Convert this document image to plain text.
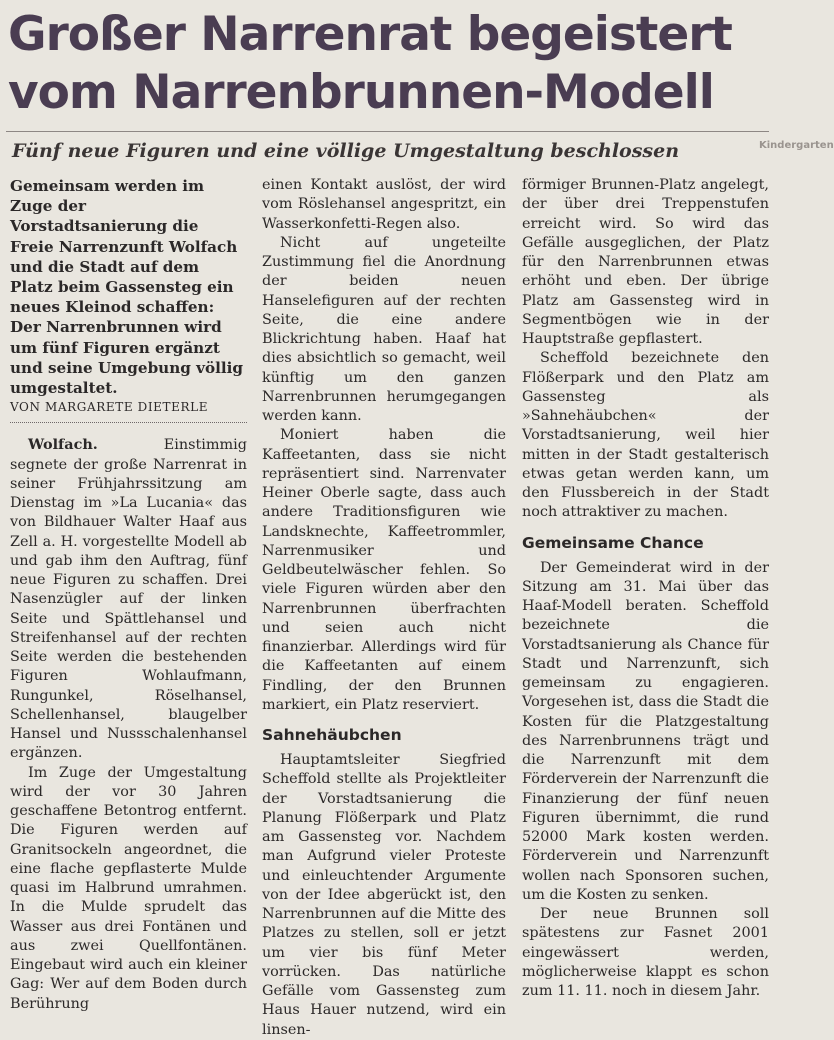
Großer Narrenrat begeistert
vom Narrenbrunnen-Modell
Fünf neue Figuren und eine völlige Umgestaltung beschlossen	Kindergarten

Gemeinsam werden im Zuge der Vorstadtsanierung die Freie Narrenzunft Wolfach und die Stadt auf dem Platz beim Gassensteg ein neues Kleinod schaffen: Der Narrenbrunnen wird um fünf Figuren ergänzt und seine Umgebung völlig umgestaltet.

VON MARGARETE DIETERLE

Wolfach.	Einstimmig segnete der große Narrenrat in seiner Frühjahrssitzung am Dienstag im »La Lucania« das von Bildhauer Walter Haaf aus Zell a. H. vorgestellte Modell ab und gab ihm den Auftrag, fünf neue Figuren zu schaffen. Drei Nasenzügler auf der linken Seite und Spättlehansel und Streifenhansel auf der rechten Seite werden die bestehenden Figuren Wohlaufmann, Rungunkel, Röselhansel, Schellenhansel, blaugelber Hansel und Nussschalenhansel ergänzen.

Im Zuge der Umgestaltung wird der vor 30 Jahren geschaffene Betontrog entfernt. Die Figuren werden auf Granitsockeln angeordnet, die eine flache gepflasterte Mulde quasi im Halbrund umrahmen. In die Mulde sprudelt das Wasser aus drei Fontänen und aus zwei Quellfontänen. Eingebaut wird auch ein kleiner Gag: Wer auf dem Boden durch Berührung

einen Kontakt auslöst, der wird vom Röslehansel angespritzt, ein Wasserkonfetti-Regen also.

Nicht auf ungeteilte Zustimmung fiel die Anordnung der beiden neuen Hanselefiguren auf der rechten Seite, die eine andere Blickrichtung haben. Haaf hat dies absichtlich so gemacht, weil künftig um den ganzen Narrenbrunnen herumgegangen werden kann.

Moniert haben die Kaffeetanten, dass sie nicht repräsentiert sind. Narrenvater Heiner Oberle sagte, dass auch andere Traditionsfiguren wie Landsknechte, Kaffeetrommler, Narrenmusiker und Geldbeutelwäscher fehlen. So viele Figuren würden aber den Narrenbrunnen überfrachten und seien auch nicht finanzierbar. Allerdings wird für die Kaffeetanten auf einem Findling, der den Brunnen markiert, ein Platz reserviert.

Sahnehäubchen

Hauptamtsleiter Siegfried Scheffold stellte als Projektleiter der Vorstadtsanierung die Planung Flößerpark und Platz am Gassensteg vor. Nachdem man Aufgrund vieler Proteste und einleuchtender Argumente von der Idee abgerückt ist, den Narrenbrunnen auf die Mitte des Platzes zu stellen, soll er jetzt um vier bis fünf Meter vorrücken. Das natürliche Gefälle vom Gassensteg zum Haus Hauer nutzend, wird ein linsen-

förmiger Brunnen-Platz angelegt, der über drei Treppenstufen erreicht wird. So wird das Gefälle ausgeglichen, der Platz für den Narrenbrunnen etwas erhöht und eben. Der übrige Platz am Gassensteg wird in Segmentbögen wie in der Hauptstraße gepflastert.

Scheffold bezeichnete den Flößerpark und den Platz am Gassensteg als »Sahnehäubchen« der Vorstadtsanierung, weil hier mitten in der Stadt gestalterisch etwas getan werden kann, um den Flussbereich in der Stadt noch attraktiver zu machen.

Gemeinsame Chance

Der Gemeinderat wird in der Sitzung am 31. Mai über das Haaf-Modell beraten. Scheffold bezeichnete die Vorstadtsanierung als Chance für Stadt und Narrenzunft, sich gemeinsam zu engagieren. Vorgesehen ist, dass die Stadt die Kosten für die Platzgestaltung des Narrenbrunnens trägt und die Narrenzunft mit dem Förderverein der Narrenzunft die Finanzierung der fünf neuen Figuren übernimmt, die rund 52000 Mark kosten werden. Förderverein und Narrenzunft wollen nach Sponsoren suchen, um die Kosten zu senken.

Der neue Brunnen soll spätestens zur Fasnet 2001 eingewässert werden, möglicherweise klappt es schon zum 11. 11. noch in diesem Jahr.
